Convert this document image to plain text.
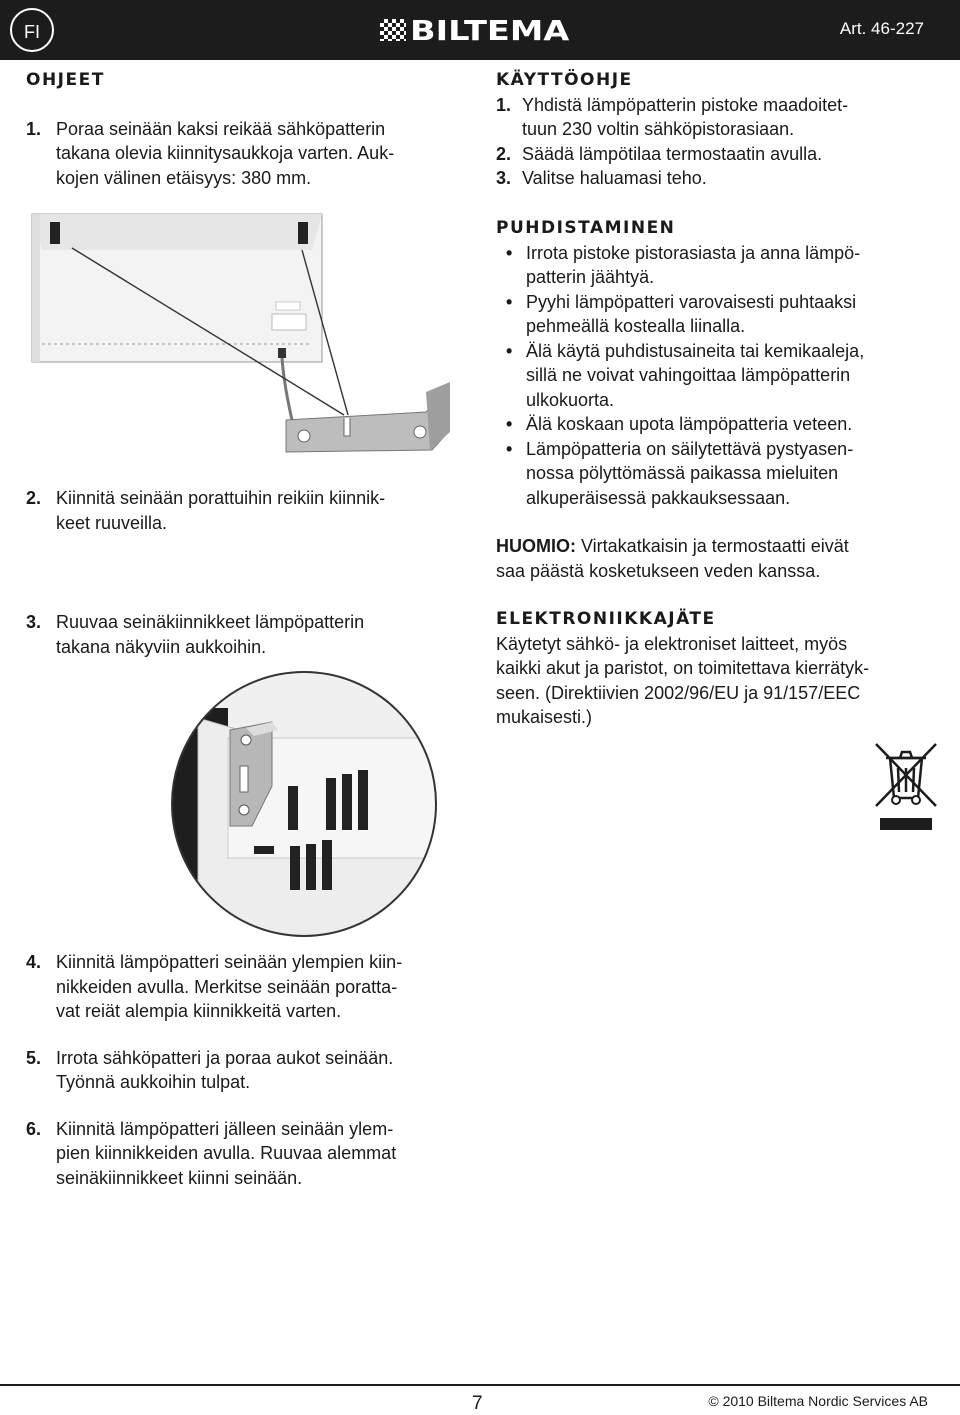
FI	BILTEMA	Art. 46-227

OHJEET

1. Poraa seinään kaksi reikää sähköpatterin
takana olevia kiinnitysaukkoja varten. Auk-
kojen välinen etäisyys: 380 mm.
2. Kiinnitä seinään porattuihin reikiin kiinnik-
keet ruuveilla.
3. Ruuvaa seinäkiinnikkeet lämpöpatterin
takana näkyviin aukkoihin.
4. Kiinnitä lämpöpatteri seinään ylempien kiin-
nikkeiden avulla. Merkitse seinään poratta-
vat reiät alempia kiinnikkeitä varten.
5. Irrota sähköpatteri ja poraa aukot seinään.
Työnnä aukkoihin tulpat.
6. Kiinnitä lämpöpatteri jälleen seinään ylem-
pien kiinnikkeiden avulla. Ruuvaa alemmat
seinäkiinnikkeet kiinni seinään.

KÄYTTÖOHJE

1. Yhdistä lämpöpatterin pistoke maadoitet-
tuun 230 voltin sähköpistorasiaan.
2. Säädä lämpötilaa termostaatin avulla.
3. Valitse haluamasi teho.

PUHDISTAMINEN

• Irrota pistoke pistorasiasta ja anna lämpö-
patterin jäähtyä.
• Pyyhi lämpöpatteri varovaisesti puhtaaksi
pehmeällä kostealla liinalla.
• Älä käytä puhdistusaineita tai kemikaaleja,
sillä ne voivat vahingoittaa lämpöpatterin
ulkokuorta.
• Älä koskaan upota lämpöpatteria veteen.
• Lämpöpatteria on säilytettävä pystyasen-
nossa pölyttömässä paikassa mieluiten
alkuperäisessä pakkauksessaan.
HUOMIO: Virtakatkaisin ja termostaatti eivät
saa päästä kosketukseen veden kanssa.

ELEKTRONIIKKAJÄTE

Käytetyt sähkö- ja elektroniset laitteet, myös
kaikki akut ja paristot, on toimitettava kierrätyk-
seen. (Direktiivien 2002/96/EU ja 91/157/EEC
mukaisesti.)
7	© 2010 Biltema Nordic Services AB
